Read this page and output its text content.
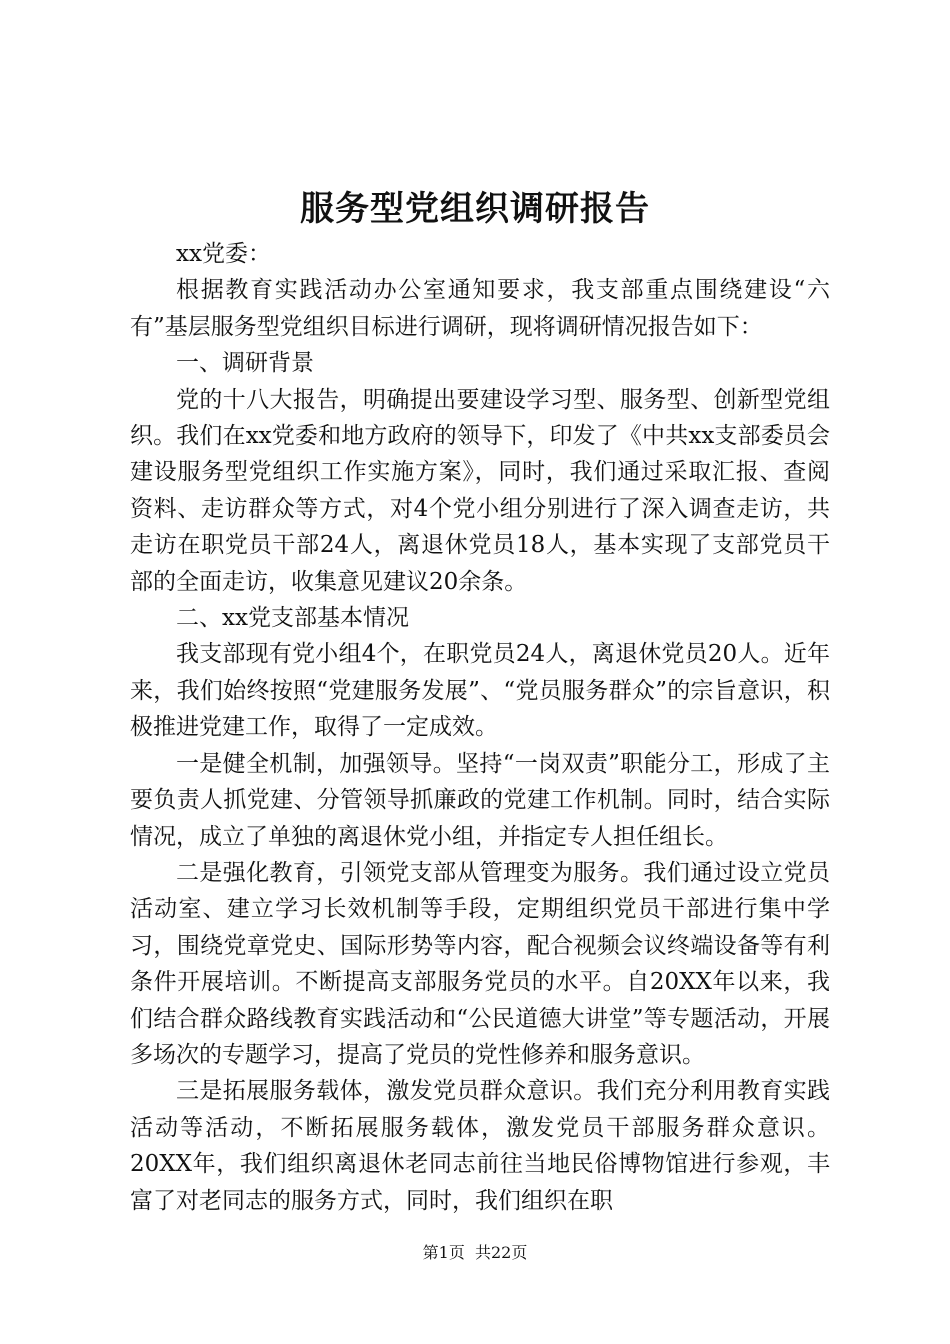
服务型党组织调研报告

xx党委：

根据教育实践活动办公室通知要求，我支部重点围绕建设“六有”基层服务型党组织目标进行调研，现将调研情况报告如下：

一、调研背景

党的十八大报告，明确提出要建设学习型、服务型、创新型党组织。我们在xx党委和地方政府的领导下，印发了《中共xx支部委员会建设服务型党组织工作实施方案》，同时，我们通过采取汇报、查阅资料、走访群众等方式，对4个党小组分别进行了深入调查走访，共走访在职党员干部24人，离退休党员18人，基本实现了支部党员干部的全面走访，收集意见建议20余条。

二、xx党支部基本情况

我支部现有党小组4个，在职党员24人，离退休党员20人。近年来，我们始终按照“党建服务发展”、“党员服务群众”的宗旨意识，积极推进党建工作，取得了一定成效。

一是健全机制，加强领导。坚持“一岗双责”职能分工，形成了主要负责人抓党建、分管领导抓廉政的党建工作机制。同时，结合实际情况，成立了单独的离退休党小组，并指定专人担任组长。

二是强化教育，引领党支部从管理变为服务。我们通过设立党员活动室、建立学习长效机制等手段，定期组织党员干部进行集中学习，围绕党章党史、国际形势等内容，配合视频会议终端设备等有利条件开展培训。不断提高支部服务党员的水平。自20XX年以来，我们结合群众路线教育实践活动和“公民道德大讲堂”等专题活动，开展多场次的专题学习，提高了党员的党性修养和服务意识。

三是拓展服务载体，激发党员群众意识。我们充分利用教育实践活动等活动，不断拓展服务载体，激发党员干部服务群众意识。20XX年，我们组织离退休老同志前往当地民俗博物馆进行参观，丰富了对老同志的服务方式，同时，我们组织在职

第1页  共22页
